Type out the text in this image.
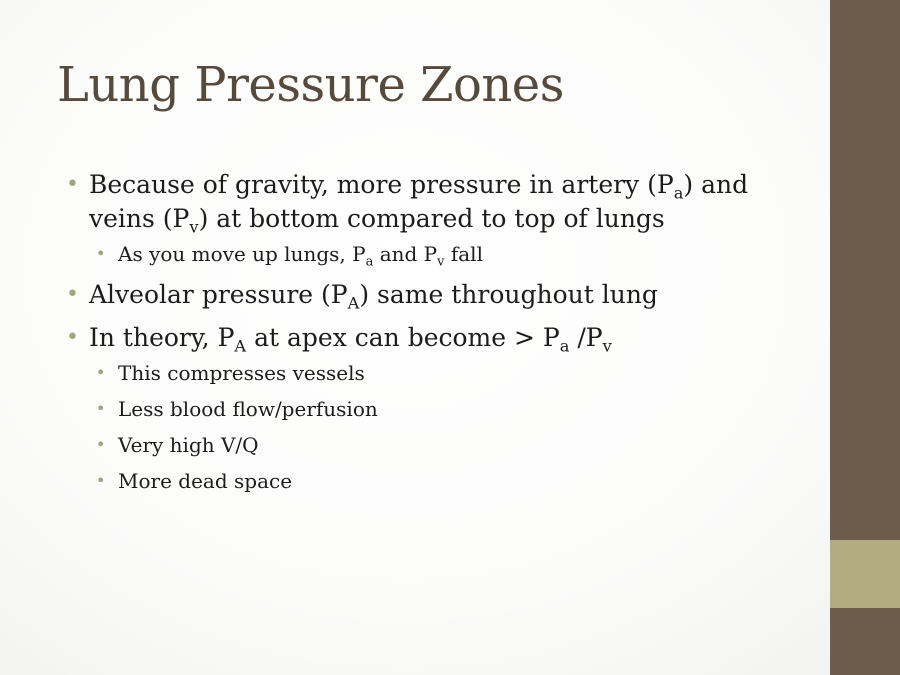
Lung Pressure Zones
• Because of gravity, more pressure in artery $(P_a)$ and
veins $(P_v)$ at bottom compared to top of lungs
• As you move up lungs, $P_a$ and $P_v$ fall
• Alveolar pressure $(P_A)$ same throughout lung
• In theory, $P_A$ at apex can become > $P_a$ $/P_v$
• This compresses vessels
• Less blood flow/perfusion
• Very high V/Q
• More dead space
